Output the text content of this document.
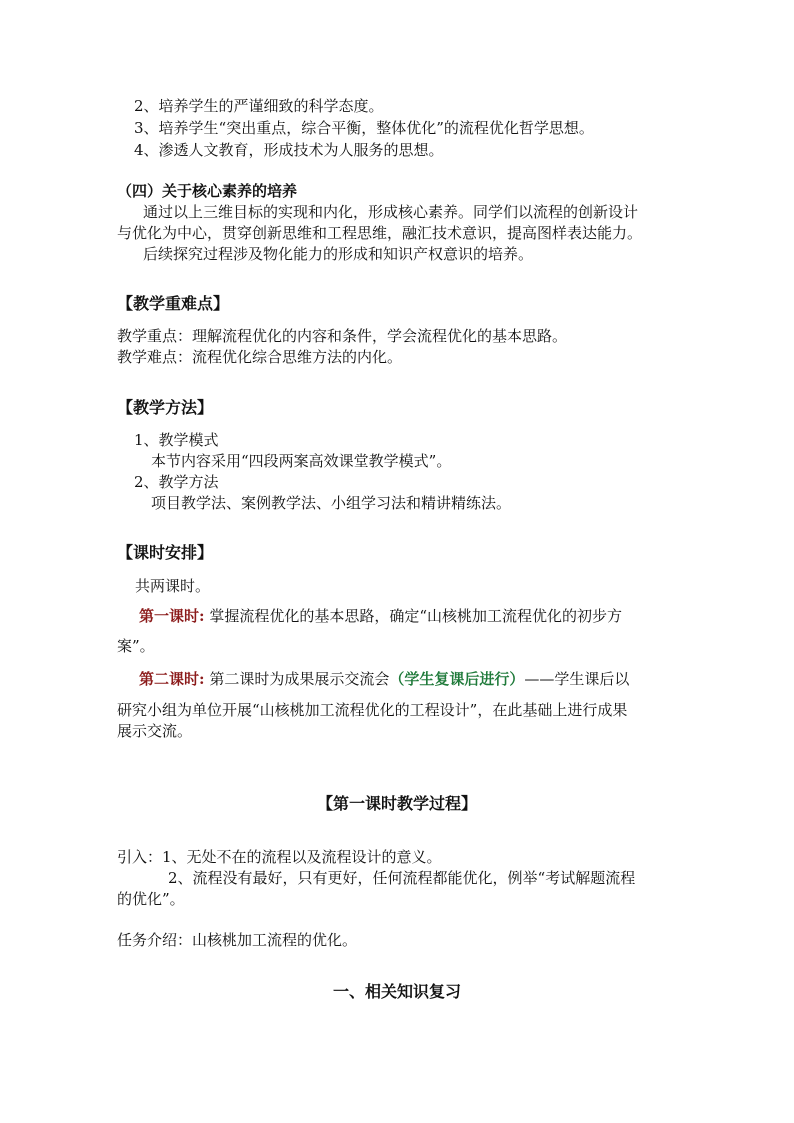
2、培养学生的严谨细致的科学态度。
3、培养学生“突出重点，综合平衡，整体优化”的流程优化哲学思想。
4、渗透人文教育，形成技术为人服务的思想。
（四）关于核心素养的培养
通过以上三维目标的实现和内化，形成核心素养。同学们以流程的创新设计
与优化为中心，贯穿创新思维和工程思维，融汇技术意识，提高图样表达能力。
后续探究过程涉及物化能力的形成和知识产权意识的培养。
【教学重难点】
教学重点：理解流程优化的内容和条件，学会流程优化的基本思路。
教学难点：流程优化综合思维方法的内化。
【教学方法】
1、教学模式
本节内容采用“四段两案高效课堂教学模式”。
2、教学方法
项目教学法、案例教学法、小组学习法和精讲精练法。
【课时安排】
共两课时。
第一课时: 掌握流程优化的基本思路，确定“山核桃加工流程优化的初步方
案”。
第二课时: 第二课时为成果展示交流会（学生复课后进行）——学生课后以
研究小组为单位开展“山核桃加工流程优化的工程设计”，在此基础上进行成果
展示交流。
【第一课时教学过程】
引入：1、无处不在的流程以及流程设计的意义。
2、流程没有最好，只有更好，任何流程都能优化，例举“考试解题流程
的优化”。
任务介绍：山核桃加工流程的优化。
一、相关知识复习
